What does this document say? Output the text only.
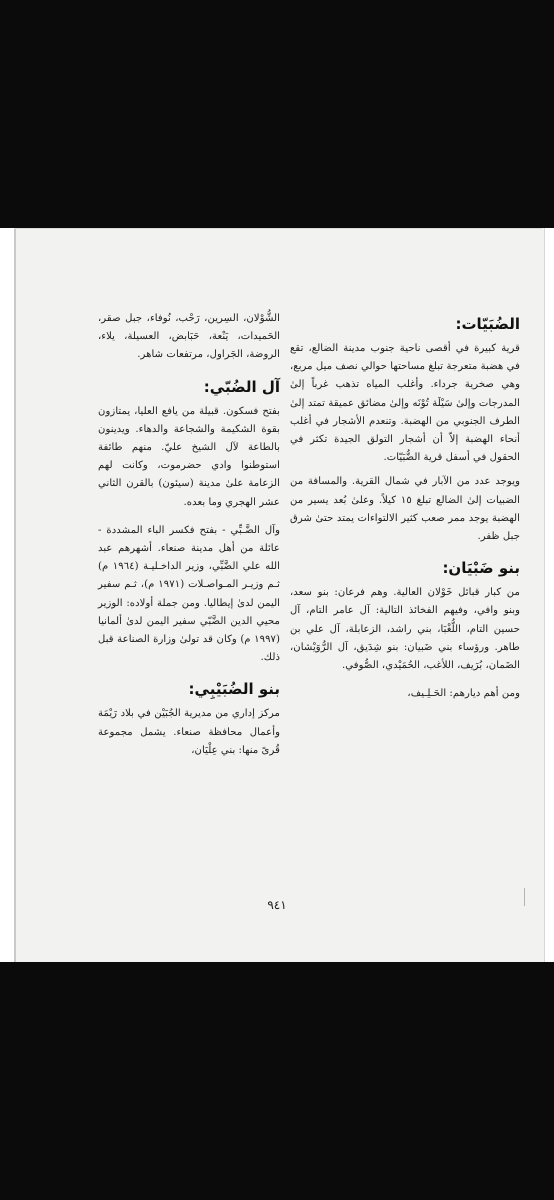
الضُبَيّات:

قرية كبيرة في أقصى ناحية جنوب مدينة الضالع، تقع في هضبة متعرجة تبلغ مساحتها حوالي نصف ميل مربع، وهي صخرية جرداء. وأغلب المياه تذهب غرباً إلىٰ المدرجات وإلىٰ سَيْلَة تُوْنَه وإلىٰ مضائق عميقة تمتد إلىٰ الطرف الجنوبي من الهضبة. وتنعدم الأشجار في أغلب أنحاء الهضبة إلاّ أن أشجار التولق الجيدة تكثر في الحقول في أسفل قرية الضُّبَيّات.

ويوجد عدد من الآبار في شمال القرية. والمسافة من الضبيات إلىٰ الضالع تبلغ ١٥ كيلاً. وعلىٰ بُعد يسير من الهضبة يوجد ممر صعب كثير الالتواءات يمتد حتىٰ شرق جبل ظفر.

بنو ضَبْيَان:

من كبار قبائل خَوْلان العالية. وهم فرعان: بنو سعد، وبنو وافي، وفيهم الفخائذ التالية: آل عامر التام، آل حسين التام، اللُّغْبَا، بني راشد، الزعابلة، آل علي بن طاهر. ورؤساء بني ضَبيان: بنو شِدَيق، آل الرُّوَيْشان، الضَمان، بُرَيف، اللأغب، الحُمَيْدي، الصُّوفي.

ومن أهم ديارهم: الحَـلِـيف،

الشُّوْلان، السِرين، رَحْب، نُوفاء، جبل صقر، الحَميدات، يَنْعة، حَبَابض، العسيلة، يلاء، الروضة، الجَراول، مرتفعات شاهر.

آل الضُبّي:

بفتح فسكون. قبيلة من يافع العليا، يمتازون بقوة الشكيمة والشجاعة والدهاء. ويدينون بالطاعة لآل الشيخ عليّ. منهم طائفة استوطنوا وادي حضرموت، وكانت لهم الزعامة علىٰ مدينة (سيئون) بالقرن الثاني عشر الهجري وما بعده.

وآل الضَّـبِّي - بفتح فكسر الباء المشددة - عائلة من أهل مدينة صنعاء. أشهرهم عبد الله علي الضَّبِّي، وزير الداخـليـة (١٩٦٤ م) ثـم وزيـر المـواصـلات (١٩٧١ م)، ثـم سفير اليمن لدىٰ إيطاليا. ومن جملة أولاده: الوزير محيي الدين الضَّبّي سفير اليمن لدىٰ ألمانيا (١٩٩٧ م) وكان قد تولىٰ وزارة الصناعة قبل ذلك.

بنو الضُبَيْبِي:

مركز إداري من مديرية الجُبَيْن في بلاد رَيْمَة وأعمال محافظة صنعاء. يشمل مجموعة قُرىً منها: بني عِلْيَان،

٩٤١
